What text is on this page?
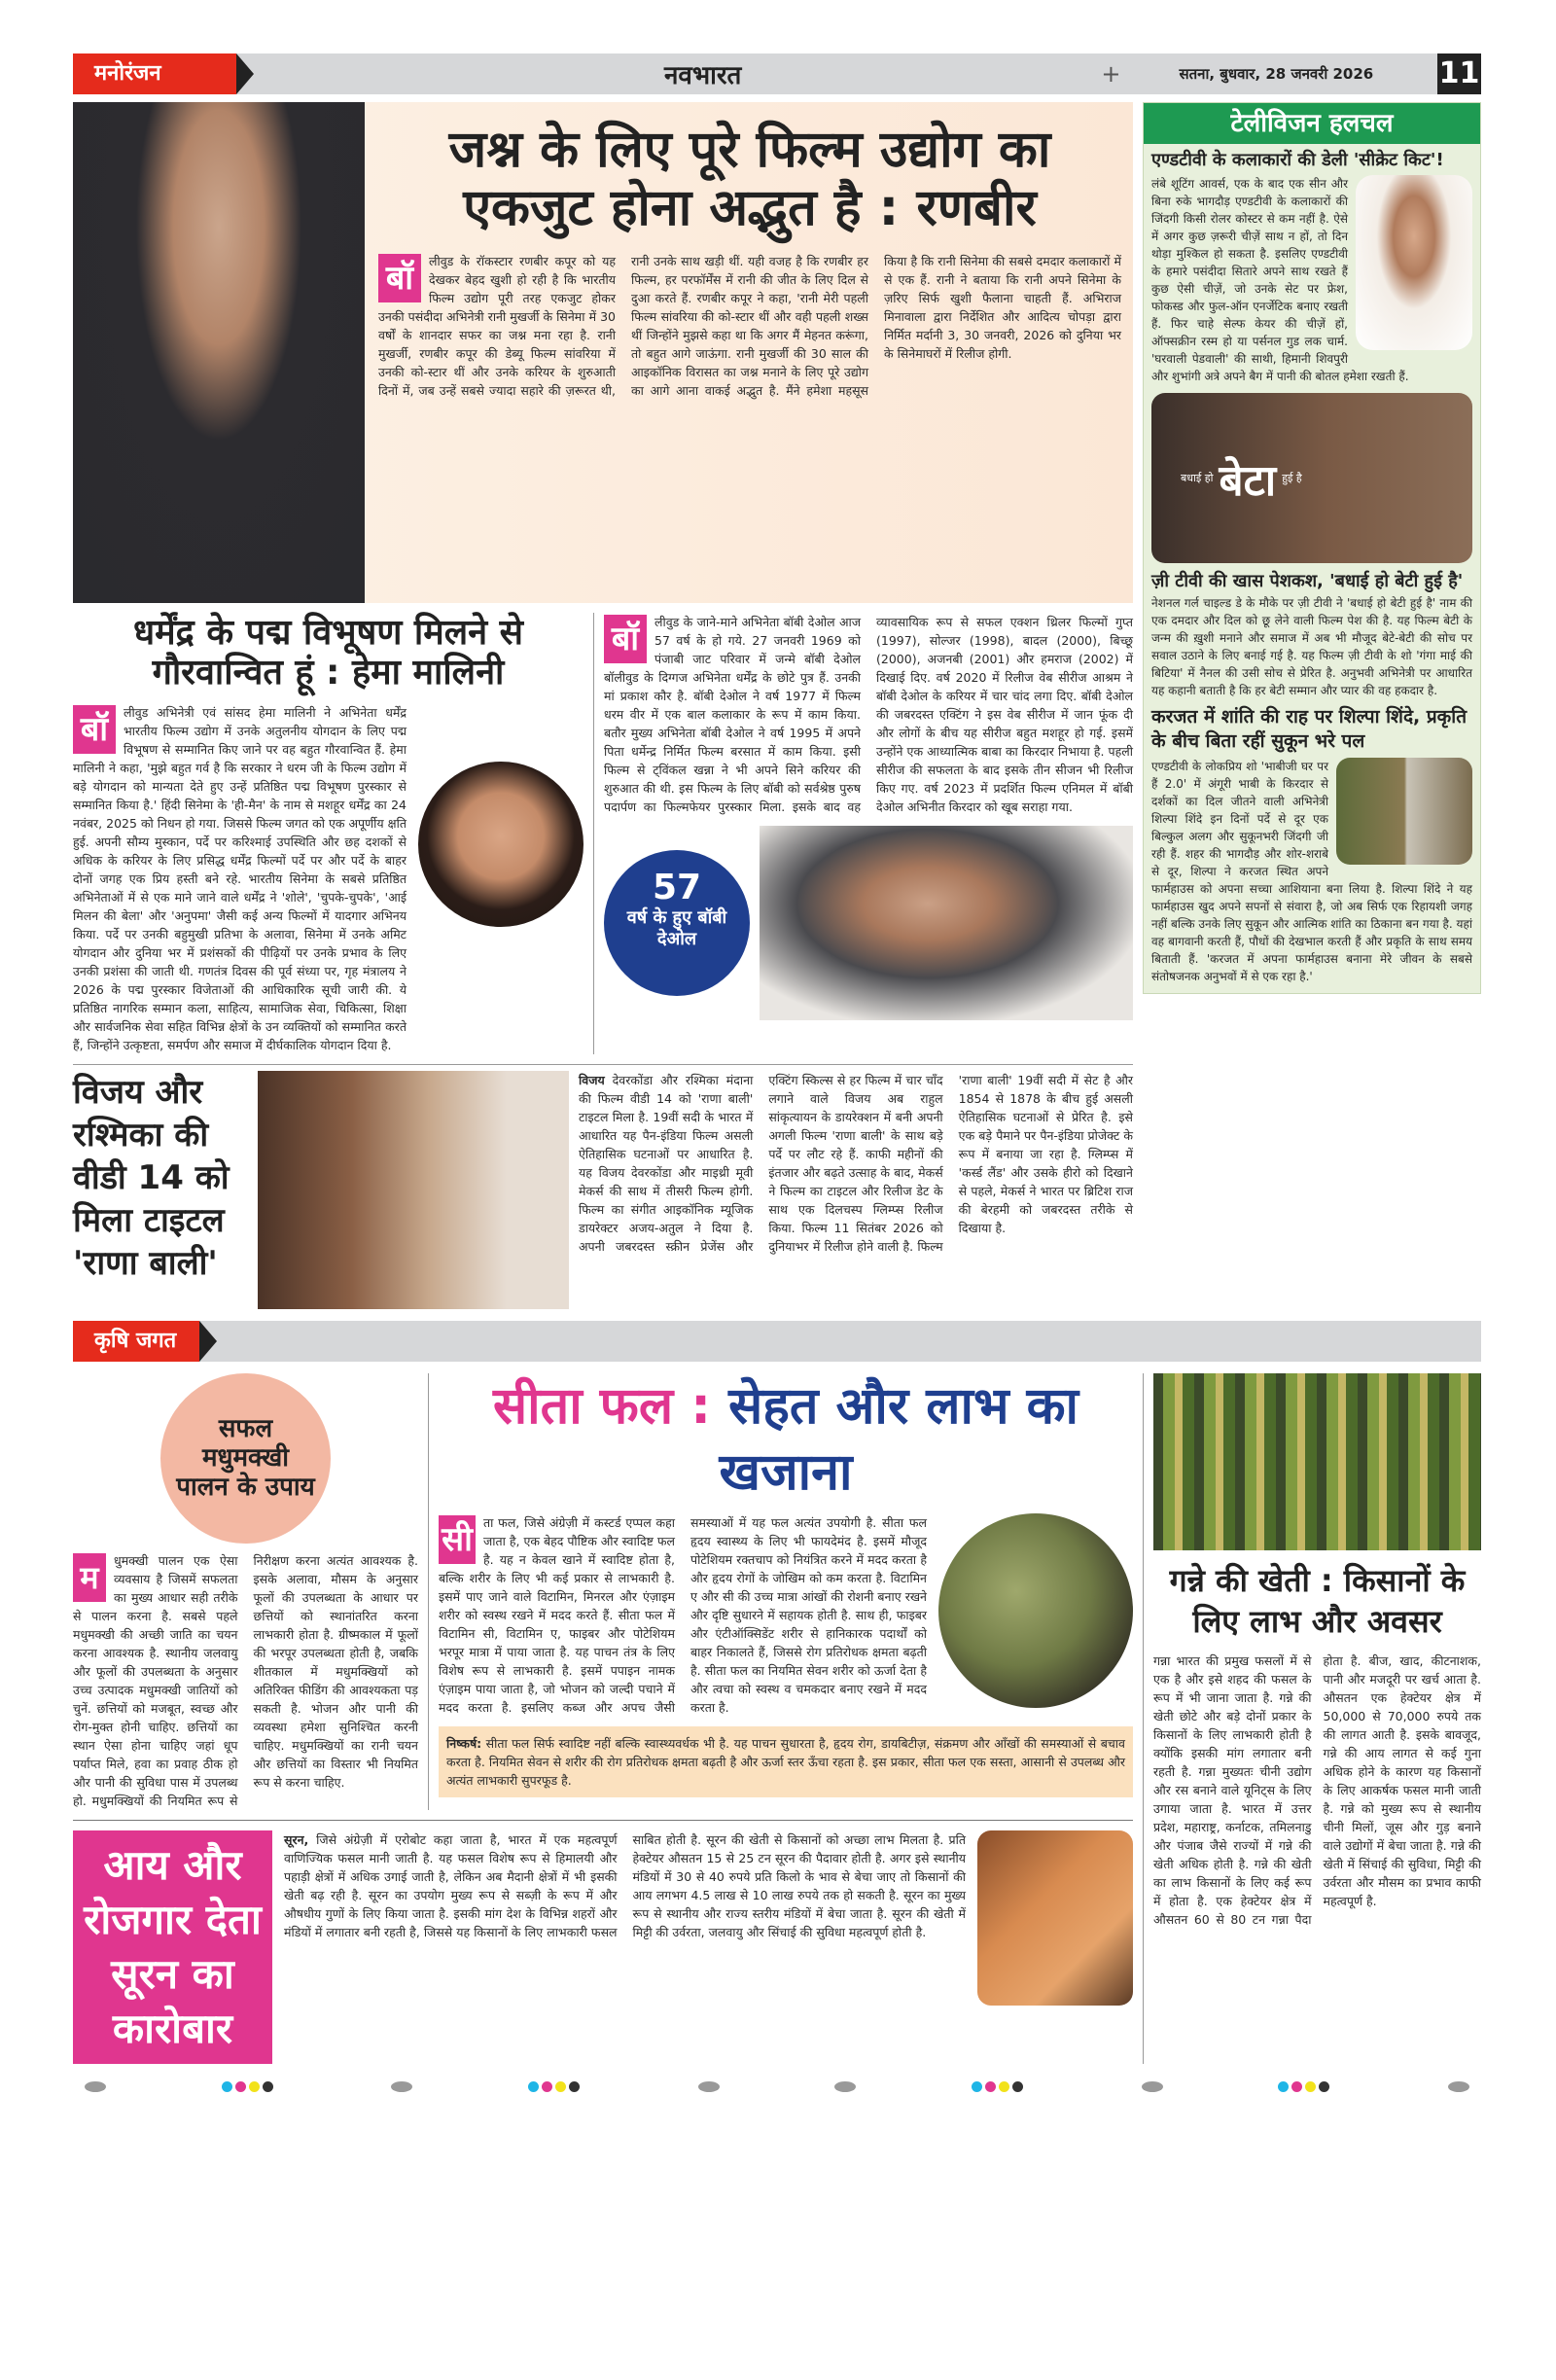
मनोरंजन	नवभारत	+	सतना, बुधवार, 28 जनवरी 2026 11
जश्न के लिए पूरे फिल्म उद्योग का एकजुट होना अद्भुत है : रणबीर
बॉ	लीवुड के रॉकस्टार रणबीर कपूर को यह देखकर बेहद खुशी हो रही है कि भारतीय फिल्म उद्योग पूरी तरह एकजुट होकर उनकी पसंदीदा अभिनेत्री रानी मुखर्जी के सिनेमा में 30 वर्षों के शानदार सफर का जश्न मना रहा है. रानी मुखर्जी, रणबीर कपूर की डेब्यू फिल्म सांवरिया में उनकी को-स्टार थीं और उनके करियर के शुरुआती दिनों में, जब उन्हें सबसे ज्यादा सहारे की ज़रूरत थी, रानी उनके साथ खड़ी थीं. यही वजह है कि रणबीर हर फिल्म, हर परफॉर्मेंस में रानी की जीत के लिए दिल से दुआ करते हैं. रणबीर कपूर ने कहा, 'रानी मेरी पहली फिल्म सांवरिया की को-स्टार थीं और वही पहली शख्स थीं जिन्होंने मुझसे कहा था कि अगर मैं मेहनत करूंगा, तो बहुत आगे जाऊंगा. रानी मुखर्जी की 30 साल की आइकॉनिक विरासत का जश्न मनाने के लिए पूरे उद्योग का आगे आना वाकई अद्भुत है. मैंने हमेशा महसूस किया है कि रानी सिनेमा की सबसे दमदार कलाकारों में से एक हैं. रानी ने बताया कि रानी अपने सिनेमा के ज़रिए सिर्फ खुशी फैलाना चाहती हैं. अभिराज मिनावाला द्वारा निर्देशित और आदित्य चोपड़ा द्वारा निर्मित मर्दानी 3, 30 जनवरी, 2026 को दुनिया भर के सिनेमाघरों में रिलीज होगी.
धर्मेंद्र के पद्म विभूषण मिलने से गौरवान्वित हूं : हेमा मालिनी
बॉ	लीवुड अभिनेत्री एवं सांसद हेमा मालिनी ने अभिनेता धर्मेंद्र भारतीय फिल्म उद्योग में उनके अतुलनीय योगदान के लिए पद्म विभूषण से सम्मानित किए जाने पर वह बहुत गौरवान्वित हैं. हेमा मालिनी ने कहा, 'मुझे बहुत गर्व है कि सरकार ने धरम जी के फिल्म उद्योग में बड़े योगदान को मान्यता देते हुए उन्हें प्रतिष्ठित पद्म विभूषण पुरस्कार से सम्मानित किया है.' हिंदी सिनेमा के 'ही-मैन' के नाम से मशहूर धर्मेंद्र का 24 नवंबर, 2025 को निधन हो गया. जिससे फिल्म जगत को एक अपूर्णीय क्षति हुई. अपनी सौम्य मुस्कान, पर्दे पर करिश्माई उपस्थिति और छह दशकों से अधिक के करियर के लिए प्रसिद्ध धर्मेंद्र फिल्मों पर्दे पर और पर्दे के बाहर दोनों जगह एक प्रिय हस्ती बने रहे. भारतीय सिनेमा के सबसे प्रतिष्ठित अभिनेताओं में से एक माने जाने वाले धर्मेंद्र ने 'शोले', 'चुपके-चुपके', 'आई मिलन की बेला' और 'अनुपमा' जैसी कई अन्य फिल्मों में यादगार अभिनय किया. पर्दे पर उनकी बहुमुखी प्रतिभा के अलावा, सिनेमा में उनके अमिट योगदान और दुनिया भर में प्रशंसकों की पीढ़ियों पर उनके प्रभाव के लिए उनकी प्रशंसा की जाती थी. गणतंत्र दिवस की पूर्व संध्या पर, गृह मंत्रालय ने 2026 के पद्म पुरस्कार विजेताओं की आधिकारिक सूची जारी की. ये प्रतिष्ठित नागरिक सम्मान कला, साहित्य, सामाजिक सेवा, चिकित्सा, शिक्षा और सार्वजनिक सेवा सहित विभिन्न क्षेत्रों के उन व्यक्तियों को सम्मानित करते हैं, जिन्होंने उत्कृष्टता, समर्पण और समाज में दीर्घकालिक योगदान दिया है.
बॉ	लीवुड के जाने-माने अभिनेता बॉबी देओल आज 57 वर्ष के हो गये. 27 जनवरी 1969 को पंजाबी जाट परिवार में जन्मे बॉबी देओल बॉलीवुड के दिग्गज अभिनेता धर्मेंद्र के छोटे पुत्र हैं. उनकी मां प्रकाश कौर है. बॉबी देओल ने वर्ष 1977 में फिल्म धरम वीर में एक बाल कलाकार के रूप में काम किया. बतौर मुख्य अभिनेता बॉबी देओल ने वर्ष 1995 में अपने पिता धर्मेन्द्र निर्मित फिल्म बरसात में काम किया. इसी फिल्म से ट्विंकल खन्ना ने भी अपने सिने करियर की शुरुआत की थी. इस फिल्म के लिए बॉबी को सर्वश्रेष्ठ पुरुष पदार्पण का फिल्मफेयर पुरस्कार मिला. इसके बाद वह व्यावसायिक रूप से सफल एक्शन थ्रिलर फिल्मों गुप्त (1997), सोल्जर (1998), बादल (2000), बिच्छू (2000), अजनबी (2001) और हमराज (2002) में दिखाई दिए. वर्ष 2020 में रिलीज वेब सीरीज आश्रम ने बॉबी देओल के करियर में चार चांद लगा दिए. बॉबी देओल की जबरदस्त एक्टिंग ने इस वेब सीरीज में जान फूंक दी और लोगों के बीच यह सीरीज बहुत मशहूर हो गई. इसमें उन्होंने एक आध्यात्मिक बाबा का किरदार निभाया है. पहली सीरीज की सफलता के बाद इसके तीन सीजन भी रिलीज किए गए. वर्ष 2023 में प्रदर्शित फिल्म एनिमल में बॉबी देओल अभिनीत किरदार को खूब सराहा गया.
57
वर्ष के हुए बॉबी देओल
विजय और रश्मिका की वीडी 14 को मिला टाइटल 'राणा बाली'
विजय देवरकोंडा और रश्मिका मंदाना की फिल्म वीडी 14 को 'राणा बाली' टाइटल मिला है. 19वीं सदी के भारत में आधारित यह पैन-इंडिया फिल्म असली ऐतिहासिक घटनाओं पर आधारित है. यह विजय देवरकोंडा और माइथ्री मूवी मेकर्स की साथ में तीसरी फिल्म होगी. फिल्म का संगीत आइकॉनिक म्यूजिक डायरेक्टर अजय-अतुल ने दिया है. अपनी जबरदस्त स्क्रीन प्रेजेंस और एक्टिंग स्किल्स से हर फिल्म में चार चाँद लगाने वाले विजय अब राहुल सांकृत्यायन के डायरेक्शन में बनी अपनी अगली फिल्म 'राणा बाली' के साथ बड़े पर्दे पर लौट रहे हैं. काफी महीनों की इंतजार और बढ़ते उत्साह के बाद, मेकर्स ने फिल्म का टाइटल और रिलीज डेट के साथ एक दिलचस्प ग्लिम्प्स रिलीज किया. फिल्म 11 सितंबर 2026 को दुनियाभर में रिलीज होने वाली है. फिल्म 'राणा बाली' 19वीं सदी में सेट है और 1854 से 1878 के बीच हुई असली ऐतिहासिक घटनाओं से प्रेरित है. इसे एक बड़े पैमाने पर पैन-इंडिया प्रोजेक्ट के रूप में बनाया जा रहा है. ग्लिम्प्स में 'कर्स्ड लैंड' और उसके हीरो को दिखाने से पहले, मेकर्स ने भारत पर ब्रिटिश राज की बेरहमी को जबरदस्त तरीके से दिखाया है.
टेलीविजन हलचल
एण्डटीवी के कलाकारों की डेली 'सीक्रेट किट'!
लंबे शूटिंग आवर्स, एक के बाद एक सीन और बिना रुके भागदौड़ एण्डटीवी के कलाकारों की जिंदगी किसी रोलर कोस्टर से कम नहीं है. ऐसे में अगर कुछ ज़रूरी चीज़ें साथ न हों, तो दिन थोड़ा मुश्किल हो सकता है. इसलिए एण्डटीवी के हमारे पसंदीदा सितारे अपने साथ रखते हैं कुछ ऐसी चीज़ें, जो उनके सेट पर फ्रेश, फोकस्ड और फुल-ऑन एनर्जेटिक बनाए रखती हैं. फिर चाहे सेल्फ केयर की चीज़ें हों, ऑफ्सक्रीन रस्म हो या पर्सनल गुड लक चार्म. 'घरवाली पेडवाली' की साथी, हिमानी शिवपुरी और शुभांगी अत्रे अपने बैग में पानी की बोतल हमेशा रखती हैं.
बधाई हो बेटा हुई है
ज़ी टीवी की खास पेशकश, 'बधाई हो बेटी हुई है'
नेशनल गर्ल चाइल्ड डे के मौके पर ज़ी टीवी ने 'बधाई हो बेटी हुई है' नाम की एक दमदार और दिल को छू लेने वाली फिल्म पेश की है. यह फिल्म बेटी के जन्म की ख़ुशी मनाने और समाज में अब भी मौजूद बेटे-बेटी की सोच पर सवाल उठाने के लिए बनाई गई है. यह फिल्म ज़ी टीवी के शो 'गंगा माई की बिटिया' में नैनल की उसी सोच से प्रेरित है. अनुभवी अभिनेत्री पर आधारित यह कहानी बताती है कि हर बेटी सम्मान और प्यार की वह हकदार है.
करजत में शांति की राह पर शिल्पा शिंदे, प्रकृति के बीच बिता रहीं सुकून भरे पल
एण्डटीवी के लोकप्रिय शो 'भाबीजी घर पर हैं 2.0' में अंगूरी भाबी के किरदार से दर्शकों का दिल जीतने वाली अभिनेत्री शिल्पा शिंदे इन दिनों पर्दे से दूर एक बिल्कुल अलग और सुकूनभरी जिंदगी जी रही हैं. शहर की भागदौड़ और शोर-शराबे से दूर, शिल्पा ने करजत स्थित अपने फार्महाउस को अपना सच्चा आशियाना बना लिया है. शिल्पा शिंदे ने यह फार्महाउस खुद अपने सपनों से संवारा है, जो अब सिर्फ एक रिहायशी जगह नहीं बल्कि उनके लिए सुकून और आत्मिक शांति का ठिकाना बन गया है. यहां वह बागवानी करती हैं, पौधों की देखभाल करती हैं और प्रकृति के साथ समय बिताती हैं. 'करजत में अपना फार्महाउस बनाना मेरे जीवन के सबसे संतोषजनक अनुभवों में से एक रहा है.'
कृषि जगत
सफल मधुमक्खी पालन के उपाय
म	धुमक्खी पालन एक ऐसा व्यवसाय है जिसमें सफलता का मुख्य आधार सही तरीके से पालन करना है. सबसे पहले मधुमक्खी की अच्छी जाति का चयन करना आवश्यक है. स्थानीय जलवायु और फूलों की उपलब्धता के अनुसार उच्च उत्पादक मधुमक्खी जातियों को चुनें. छत्तियों को मजबूत, स्वच्छ और रोग-मुक्त होनी चाहिए. छत्तियों का स्थान ऐसा होना चाहिए जहां धूप पर्याप्त मिले, हवा का प्रवाह ठीक हो और पानी की सुविधा पास में उपलब्ध हो. मधुमक्खियों की नियमित रूप से निरीक्षण करना अत्यंत आवश्यक है. इसके अलावा, मौसम के अनुसार फूलों की उपलब्धता के आधार पर छत्तियों को स्थानांतरित करना लाभकारी होता है. ग्रीष्मकाल में फूलों की भरपूर उपलब्धता होती है, जबकि शीतकाल में मधुमक्खियों को अतिरिक्त फीडिंग की आवश्यकता पड़ सकती है. भोजन और पानी की व्यवस्था हमेशा सुनिश्चित करनी चाहिए. मधुमक्खियों का रानी चयन और छत्तियों का विस्तार भी नियमित रूप से करना चाहिए.
सीता फल : सेहत और लाभ का खजाना
सी ता फल, जिसे अंग्रेज़ी में कस्टर्ड एप्पल कहा जाता है, एक बेहद पौष्टिक और स्वादिष्ट फल है. यह न केवल खाने में स्वादिष्ट होता है, बल्कि शरीर के लिए भी कई प्रकार से लाभकारी है. इसमें पाए जाने वाले विटामिन, मिनरल और एंज़ाइम शरीर को स्वस्थ रखने में मदद करते हैं. सीता फल में विटामिन सी, विटामिन ए, फाइबर और पोटेशियम भरपूर मात्रा में पाया जाता है. यह पाचन तंत्र के लिए विशेष रूप से लाभकारी है. इसमें पपाइन नामक एंज़ाइम पाया जाता है, जो भोजन को जल्दी पचाने में मदद करता है. इसलिए कब्ज और अपच जैसी समस्याओं में यह फल अत्यंत उपयोगी है. सीता फल हृदय स्वास्थ्य के लिए भी फायदेमंद है. इसमें मौजूद पोटेशियम रक्तचाप को नियंत्रित करने में मदद करता है और हृदय रोगों के जोखिम को कम करता है. विटामिन ए और सी की उच्च मात्रा आंखों की रोशनी बनाए रखने और दृष्टि सुधारने में सहायक होती है. साथ ही, फाइबर और एंटीऑक्सिडेंट शरीर से हानिकारक पदार्थों को बाहर निकालते हैं, जिससे रोग प्रतिरोधक क्षमता बढ़ती है. सीता फल का नियमित सेवन शरीर को ऊर्जा देता है और त्वचा को स्वस्थ व चमकदार बनाए रखने में मदद करता है.
निष्कर्ष: सीता फल सिर्फ स्वादिष्ट नहीं बल्कि स्वास्थ्यवर्धक भी है. यह पाचन सुधारता है, हृदय रोग, डायबिटीज़, संक्रमण और आँखों की समस्याओं से बचाव करता है. नियमित सेवन से शरीर की रोग प्रतिरोधक क्षमता बढ़ती है और ऊर्जा स्तर ऊँचा रहता है. इस प्रकार, सीता फल एक सस्ता, आसानी से उपलब्ध और अत्यंत लाभकारी सुपरफूड है.
आय और रोजगार देता सूरन का कारोबार
सूरन, जिसे अंग्रेज़ी में एरोबोट कहा जाता है, भारत में एक महत्वपूर्ण वाणिज्यिक फसल मानी जाती है. यह फसल विशेष रूप से हिमालयी और पहाड़ी क्षेत्रों में अधिक उगाई जाती है, लेकिन अब मैदानी क्षेत्रों में भी इसकी खेती बढ़ रही है. सूरन का उपयोग मुख्य रूप से सब्ज़ी के रूप में और औषधीय गुणों के लिए किया जाता है. इसकी मांग देश के विभिन्न शहरों और मंडियों में लगातार बनी रहती है, जिससे यह किसानों के लिए लाभकारी फसल साबित होती है. सूरन की खेती से किसानों को अच्छा लाभ मिलता है. प्रति हेक्टेयर औसतन 15 से 25 टन सूरन की पैदावार होती है. अगर इसे स्थानीय मंडियों में 30 से 40 रुपये प्रति किलो के भाव से बेचा जाए तो किसानों की आय लगभग 4.5 लाख से 10 लाख रुपये तक हो सकती है. सूरन का मुख्य रूप से स्थानीय और राज्य स्तरीय मंडियों में बेचा जाता है. सूरन की खेती में मिट्टी की उर्वरता, जलवायु और सिंचाई की सुविधा महत्वपूर्ण होती है.
गन्ने की खेती : किसानों के लिए लाभ और अवसर
गन्ना भारत की प्रमुख फसलों में से एक है और इसे शहद की फसल के रूप में भी जाना जाता है. गन्ने की खेती छोटे और बड़े दोनों प्रकार के किसानों के लिए लाभकारी होती है क्योंकि इसकी मांग लगातार बनी रहती है. गन्ना मुख्यतः चीनी उद्योग और रस बनाने वाले यूनिट्स के लिए उगाया जाता है. भारत में उत्तर प्रदेश, महाराष्ट्र, कर्नाटक, तमिलनाडु और पंजाब जैसे राज्यों में गन्ने की खेती अधिक होती है. गन्ने की खेती का लाभ किसानों के लिए कई रूप में होता है. एक हेक्टेयर क्षेत्र में औसतन 60 से 80 टन गन्ना पैदा होता है. बीज, खाद, कीटनाशक, पानी और मजदूरी पर खर्च आता है. औसतन एक हेक्टेयर क्षेत्र में 50,000 से 70,000 रुपये तक की लागत आती है. इसके बावजूद, गन्ने की आय लागत से कई गुना अधिक होने के कारण यह किसानों के लिए आकर्षक फसल मानी जाती है. गन्ने को मुख्य रूप से स्थानीय चीनी मिलों, जूस और गुड़ बनाने वाले उद्योगों में बेचा जाता है. गन्ने की खेती में सिंचाई की सुविधा, मिट्टी की उर्वरता और मौसम का प्रभाव काफी महत्वपूर्ण है.
